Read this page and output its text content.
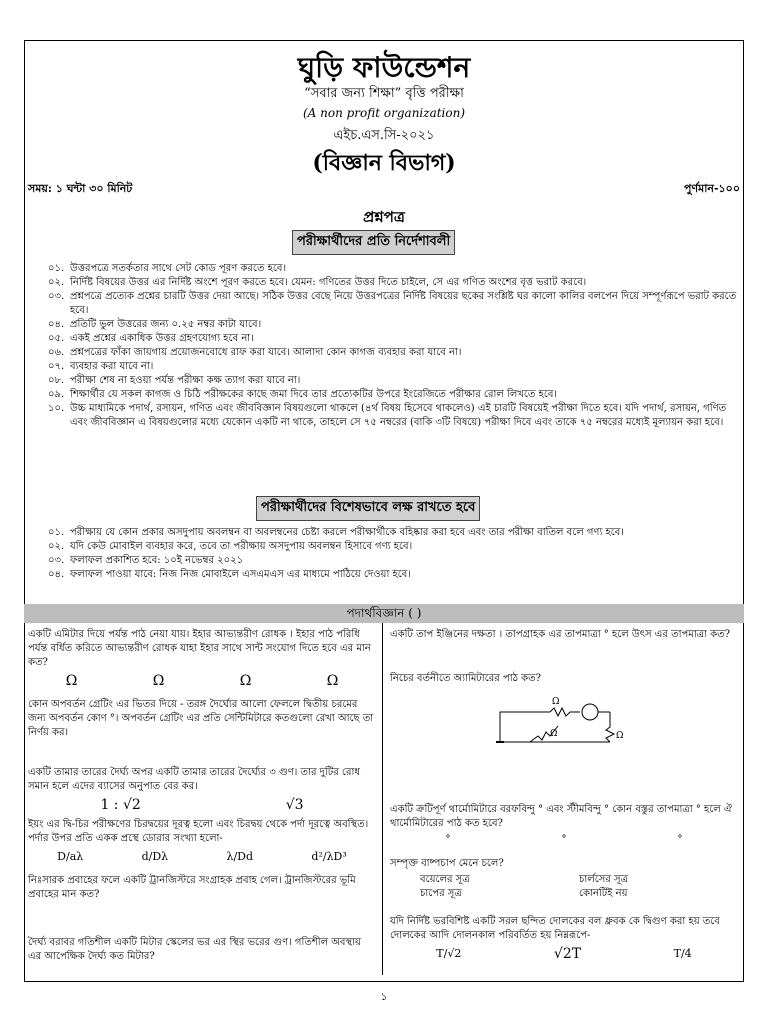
ঘুড়ি ফাউন্ডেশন
“সবার জন্য শিক্ষা” বৃত্তি পরীক্ষা
(A non profit organization)
এইচ.এস.সি-২০২১
(বিজ্ঞান বিভাগ)
সময়: ১ ঘন্টা ৩০ মিনিট	পুর্ণমান-১০০
প্রশ্নপত্র
পরীক্ষার্থীদের প্রতি নির্দেশাবলী
০১. উত্তরপত্রে সতর্কতার সাথে সেট কোড পূরণ করতে হবে।
০২. নির্দিষ্ট বিষয়ের উত্তর এর নির্দিষ্ট অংশে পূরণ করতে হবে। যেমন: গণিতের উত্তর দিতে চাইলে, সে এর গণিত অংশের বৃত্ত ভরাট করবে।
০৩. প্রশ্নপত্রে প্রত্যেক প্রশ্নের চারটি উত্তর দেয়া আছে। সঠিক উত্তর বেছে নিয়ে উত্তরপত্রের নির্দিষ্ট বিষয়ের ছকের সংশ্লিষ্ট ঘর কালো কালির বলপেন দিয়ে সম্পূর্ণরূপে ভরাট করতে হবে।
০৪. প্রতিটি ভুল উত্তরের জন্য ০.২৫ নম্বর কাটা যাবে।
০৫. একই প্রশ্নের একাধিক উত্তর গ্রহণযোগ্য হবে না।
০৬. প্রশ্নপত্রের ফাঁকা জায়গায় প্রয়োজনবোধে রাফ করা যাবে। আলাদা কোন কাগজ ব্যবহার করা যাবে না।
০৭. ব্যবহার করা যাবে না।
০৮. পরীক্ষা শেষ না হওয়া পর্যন্ত পরীক্ষা কক্ষ ত্যাগ করা যাবে না।
০৯. শিক্ষার্থীর যে সকল কাগজ ও চিঠি পরীক্ষকের কাছে জমা দিবে তার প্রত্যেকটির উপরে ইংরেজিতে পরীক্ষার রোল লিখতে হবে।
১০. উচ্চ মাধ্যমিকে পদার্থ, রসায়ন, গণিত এবং জীববিজ্ঞান বিষয়গুলো থাকলে (৪র্থ বিষয় হিসেবে থাকলেও) এই চারটি বিষয়েই পরীক্ষা দিতে হবে। যদি পদার্থ, রসায়ন, গণিত এবং জীববিজ্ঞান এ বিষয়গুলোর মধ্যে যেকোন একটি না থাকে, তাহলে সে ৭৫ নম্বরের (বাকি ৩টি বিষয়ে) পরীক্ষা দিবে এবং তাকে ৭৫ নম্বরের মধ্যেই মূল্যায়ন করা হবে।
পরীক্ষার্থীদের বিশেষভাবে লক্ষ রাখতে হবে
০১. পরীক্ষায় যে কোন প্রকার অসদুপায় অবলম্বন বা অবলম্বনের চেষ্টা করলে পরীক্ষার্থীকে বহিষ্কার করা হবে এবং তার পরীক্ষা বাতিল বলে গণ্য হবে।
০২. যদি কেউ মোবাইল ব্যবহার করে, তবে তা পরীক্ষায় অসদুপায় অবলম্বন হিসাবে গণ্য হবে।
০৩. ফলাফল প্রকাশিত হবে: ১০ই নভেম্বর ২০২১
০৪. ফলাফল পাওয়া যাবে: নিজ নিজ মোবাইলে এসএমএস এর মাধ্যমে পাঠিয়ে দেওয়া হবে।
পদার্থবিজ্ঞান ( )
একটি এমিটার দিয়ে পর্যন্ত পাঠ নেয়া যায়। ইহার আভ্যন্তরীণ রোধক । ইহার পাঠ পরিধি পর্যন্ত বর্ধিত করিতে আভ্যন্তরীণ রোধক যাহা ইহার সাথে সান্ট সংযোগ দিতে হবে এর মান কত?
Ω	Ω	Ω	Ω
কোন অপবর্তন গ্রেটিং এর ভিতর দিয়ে - তরঙ্গ দৈর্ঘ্যের আলো ফেললে দ্বিতীয় চরমের জন্য অপবর্তন কোণ °। অপবর্তন গ্রেটিং এর প্রতি সেন্টিমিটারে কতগুলো রেখা আছে তা নির্ণয় কর।
একটি তামার তারের দৈর্ঘ্য অপর একটি তামার তারের দৈর্ঘ্যের ৩ গুণ। তার দুটির রোধ সমান হলে এদের ব্যাসের অনুপাত বের কর।
1 : √2	√3
ইয়ং এর দ্বি-চির পরীক্ষণের চিরদ্বয়ের দূরত্ব হলো এবং চিরদ্বয় থেকে পর্দা দূরত্বে অবস্থিত। পর্দার উপর প্রতি একক প্রস্থে ডোরার সংখ্যা হলো-
D/aλ	d/Dλ	λ/Dd	d²/λD³
নিঃসারক প্রবাহের ফলে একটি ট্রানজিস্টরে সংগ্রাহক প্রবাহ গেল। ট্রানজিস্টরের ভূমি প্রবাহের মান কত?
দৈর্ঘ্য বরাবর গতিশীল একটি মিটার স্কেলের ভর এর স্থির ভরের গুণ। গতিশীল অবস্থায় এর আপেক্ষিক দৈর্ঘ্য কত মিটার?
একটি তাপ ইঞ্জিনের দক্ষতা । তাপগ্রাহক এর তাপমাত্রা ° হলে উৎস এর তাপমাত্রা কত?
নিচের বর্তনীতে অ্যামিটারের পাঠ কত?
Ω
Ω	Ω
একটি ক্রটিপূর্ণ থার্মোমিটারে বরফবিন্দু ° এবং স্টীমবিন্দু ° কোন বস্তুর তাপমাত্রা ° হলে ঐ থার্মোমিটারের পাঠ কত হবে?
°	°	°
সম্পৃক্ত বাষ্পচাপ মেনে চলে?
বয়েলের সূত্র	চার্লসের সূত্র
চাপের সূত্র	কোনটিই নয়
যদি নির্দিষ্ট ভরবিশিষ্ট একটি সরল ছন্দিত দোলকের বল ধ্রুবক কে দ্বিগুণ করা হয় তবে দোলকের আদি দোলনকাল পরিবর্তিত হয় নিম্নরূপে-
T/√2	√2T	T/4
১
